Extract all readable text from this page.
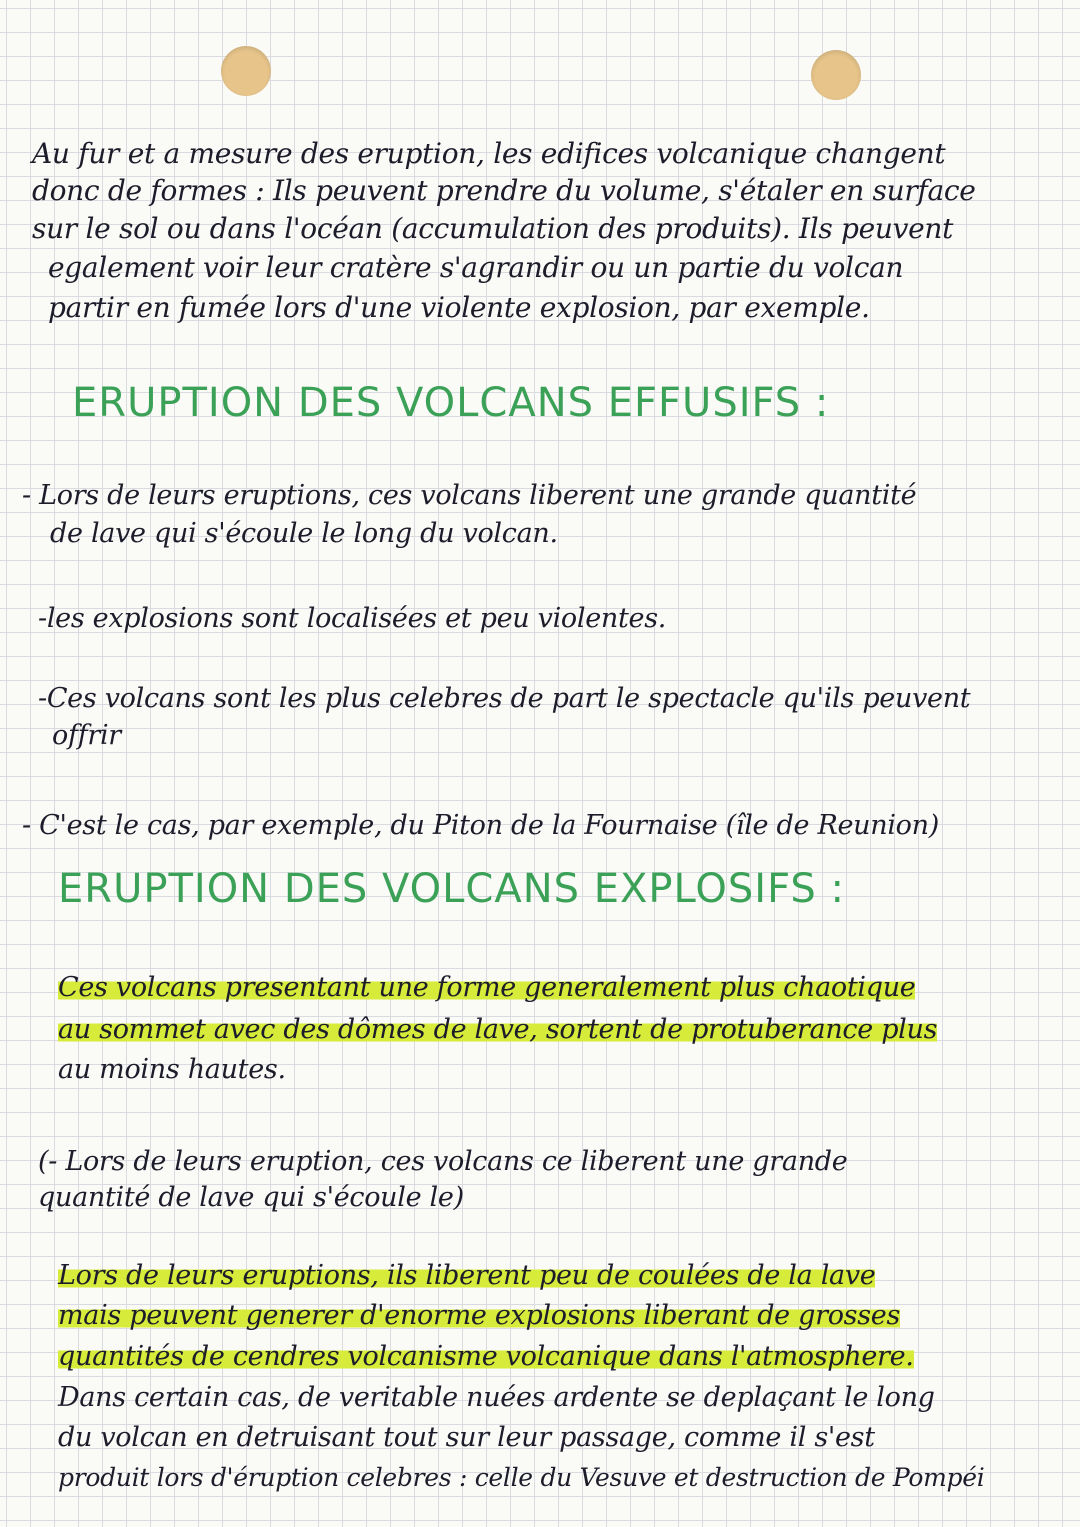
Au fur et a mesure des eruption, les edifices volcanique changent
donc de formes : Ils peuvent prendre du volume, s'étaler en surface
sur le sol ou dans l'océan (accumulation des produits). Ils peuvent
egalement voir leur cratère s'agrandir ou un partie du volcan
partir en fumée lors d'une violente explosion, par exemple.
ERUPTION DES VOLCANS EFFUSIFS :
- Lors de leurs eruptions, ces volcans liberent une grande quantité
de lave qui s'écoule le long du volcan.
-les explosions sont localisées et peu violentes.
-Ces volcans sont les plus celebres de part le spectacle qu'ils peuvent
offrir
- C'est le cas, par exemple, du Piton de la Fournaise (île de Reunion)
ERUPTION DES VOLCANS EXPLOSIFS :
Ces volcans presentant une forme generalement plus chaotique
au sommet avec des dômes de lave, sortent de protuberance plus
au moins hautes.
(- Lors de leurs eruption, ces volcans ce liberent une grande
quantité de lave qui s'écoule le)
Lors de leurs eruptions, ils liberent peu de coulées de la lave
mais peuvent generer d'enorme explosions liberant de grosses
quantités de cendres volcanisme volcanique dans l'atmosphere.
Dans certain cas, de veritable nuées ardente se deplaçant le long
du volcan en detruisant tout sur leur passage, comme il s'est
produit lors d'éruption celebres : celle du Vesuve et destruction de Pompéi
